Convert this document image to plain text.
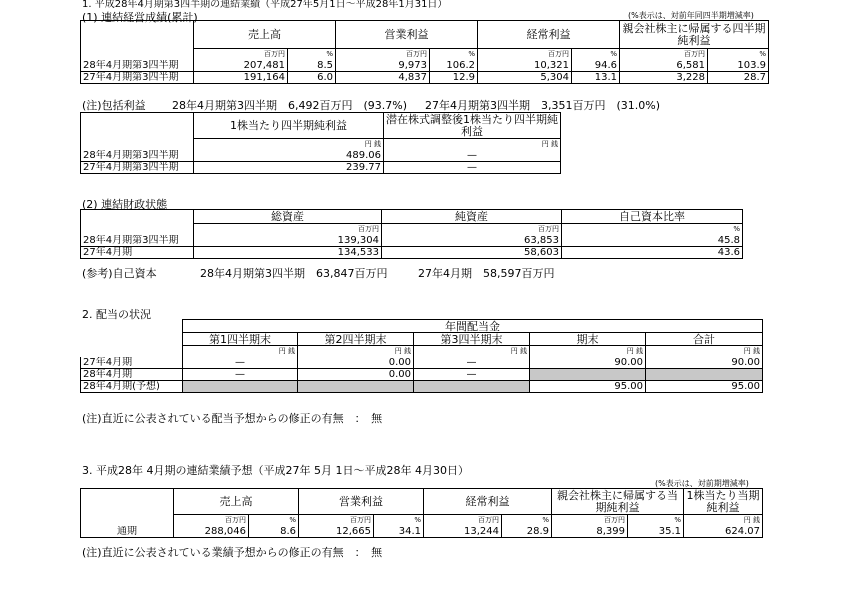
1. 平成28年4月期第3四半期の連結業績（平成27年5月1日～平成28年1月31日）
(1) 連結経営成績(累計)	(%表示は、対前年同四半期増減率)
	売上高		営業利益		経常利益		親会社株主に帰属する四半期純利益	
	百万円	%	百万円	%	百万円	%	百万円	%
28年4月期第3四半期	207,481	8.5	9,973	106.2	10,321	94.6	6,581	103.9
27年4月期第3四半期	191,164	6.0	4,837	12.9	5,304	13.1	3,228	28.7
(注)包括利益 28年4月期第3四半期　6,492百万円　(93.7%) 27年4月期第3四半期　3,351百万円　(31.0%)
	1株当たり四半期純利益	潜在株式調整後1株当たり四半期純利益
	円 銭	円 銭
28年4月期第3四半期	489.06	—
27年4月期第3四半期	239.77	—
(2) 連結財政状態
	総資産	純資産	自己資本比率
	百万円	百万円	%
28年4月期第3四半期	139,304	63,853	45.8
27年4月期	134,533	58,603	43.6
(参考)自己資本	28年4月期第3四半期　63,847百万円	27年4月期　58,597百万円
2. 配当の状況
	年間配当金				
	第1四半期末	第2四半期末	第3四半期末	期末	合計
	円 銭	円 銭	円 銭	円 銭	円 銭
27年4月期	—	0.00	—	90.00	90.00
28年4月期	—	0.00	—		
28年4月期(予想)				95.00	95.00
(注)直近に公表されている配当予想からの修正の有無　：　無
3. 平成28年 4月期の連結業績予想（平成27年 5月 1日～平成28年 4月30日）
(%表示は、対前期増減率)
	売上高		営業利益		経常利益		親会社株主に帰属する当期純利益		1株当たり当期純利益
	百万円	%	百万円	%	百万円	%	百万円	%	円 銭
通期	288,046	8.6	12,665	34.1	13,244	28.9	8,399	35.1	624.07
(注)直近に公表されている業績予想からの修正の有無　：　無
